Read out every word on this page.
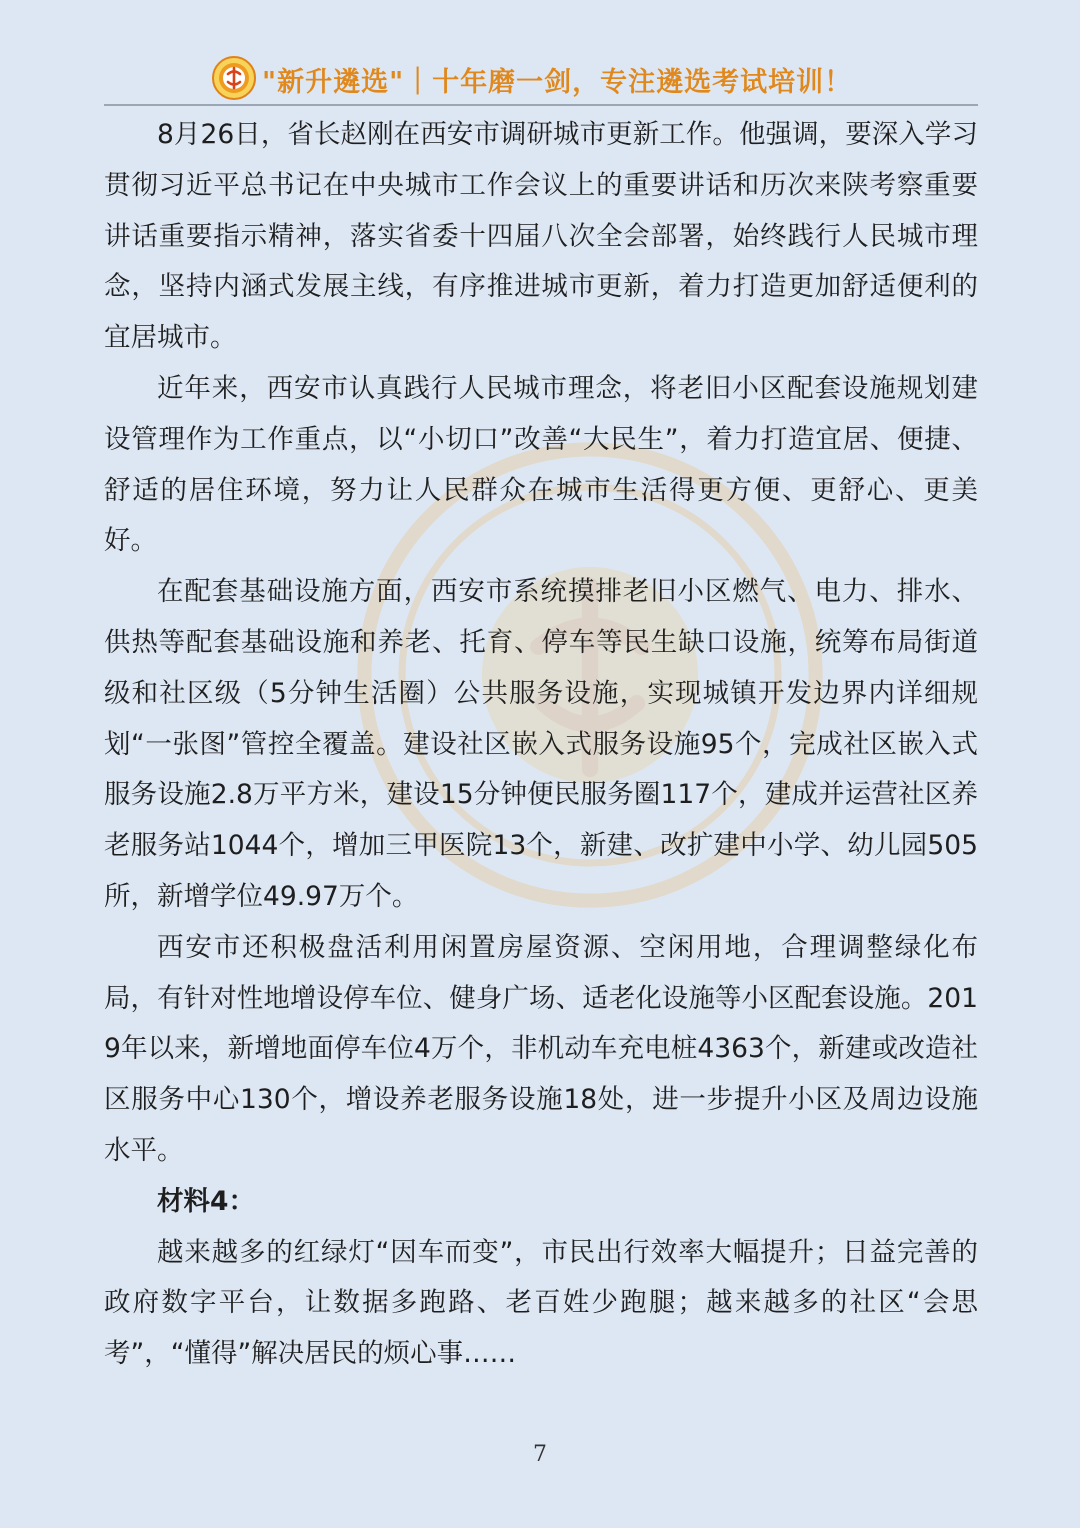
"新升遴选"｜十年磨一剑，专注遴选考试培训！

8月26日，省长赵刚在西安市调研城市更新工作。他强调，要深入学习贯彻习近平总书记在中央城市工作会议上的重要讲话和历次来陕考察重要讲话重要指示精神，落实省委十四届八次全会部署，始终践行人民城市理念，坚持内涵式发展主线，有序推进城市更新，着力打造更加舒适便利的宜居城市。

近年来，西安市认真践行人民城市理念，将老旧小区配套设施规划建设管理作为工作重点，以“小切口”改善“大民生”，着力打造宜居、便捷、舒适的居住环境，努力让人民群众在城市生活得更方便、更舒心、更美好。

在配套基础设施方面，西安市系统摸排老旧小区燃气、电力、排水、供热等配套基础设施和养老、托育、停车等民生缺口设施，统筹布局街道级和社区级（5分钟生活圈）公共服务设施，实现城镇开发边界内详细规划“一张图”管控全覆盖。建设社区嵌入式服务设施95个，完成社区嵌入式服务设施2.8万平方米，建设15分钟便民服务圈117个，建成并运营社区养老服务站1044个，增加三甲医院13个，新建、改扩建中小学、幼儿园505所，新增学位49.97万个。

西安市还积极盘活利用闲置房屋资源、空闲用地，合理调整绿化布局，有针对性地增设停车位、健身广场、适老化设施等小区配套设施。2019年以来，新增地面停车位4万个，非机动车充电桩4363个，新建或改造社区服务中心130个，增设养老服务设施18处，进一步提升小区及周边设施水平。

材料4：

越来越多的红绿灯“因车而变”，市民出行效率大幅提升；日益完善的政府数字平台，让数据多跑路、老百姓少跑腿；越来越多的社区“会思考”，“懂得”解决居民的烦心事……

7
